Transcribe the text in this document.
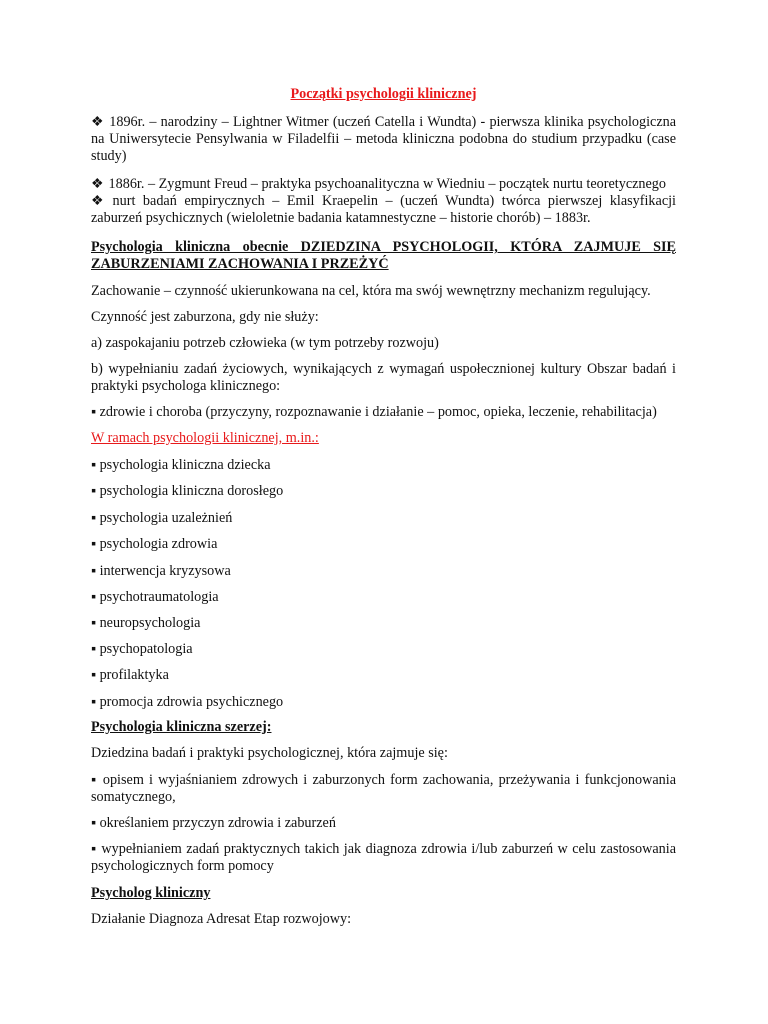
Początki psychologii klinicznej
❖ 1896r. – narodziny – Lightner Witmer (uczeń Catella i Wundta) - pierwsza klinika psychologiczna na Uniwersytecie Pensylwania w Filadelfii – metoda kliniczna podobna do studium przypadku (case study)
❖ 1886r. – Zygmunt Freud – praktyka psychoanalityczna w Wiedniu – początek nurtu teoretycznego
❖ nurt badań empirycznych – Emil Kraepelin – (uczeń Wundta) twórca pierwszej klasyfikacji zaburzeń psychicznych (wieloletnie badania katamnestyczne – historie chorób) – 1883r.
Psychologia kliniczna obecnie DZIEDZINA PSYCHOLOGII, KTÓRA ZAJMUJE SIĘ ZABURZENIAMI ZACHOWANIA I PRZEŻYĆ
Zachowanie – czynność ukierunkowana na cel, która ma swój wewnętrzny mechanizm regulujący.
Czynność jest zaburzona, gdy nie służy:
a) zaspokajaniu potrzeb człowieka (w tym potrzeby rozwoju)
b) wypełnianiu zadań życiowych, wynikających z wymagań uspołecznionej kultury Obszar badań i praktyki psychologa klinicznego:
▪ zdrowie i choroba (przyczyny, rozpoznawanie i działanie – pomoc, opieka, leczenie, rehabilitacja)
W ramach psychologii klinicznej, m.in.:
▪ psychologia kliniczna dziecka
▪ psychologia kliniczna dorosłego
▪ psychologia uzależnień
▪ psychologia zdrowia
▪ interwencja kryzysowa
▪ psychotraumatologia
▪ neuropsychologia
▪ psychopatologia
▪ profilaktyka
▪ promocja zdrowia psychicznego
Psychologia kliniczna szerzej:
Dziedzina badań i praktyki psychologicznej, która zajmuje się:
▪ opisem i wyjaśnianiem zdrowych i zaburzonych form zachowania, przeżywania i funkcjonowania somatycznego,
▪ określaniem przyczyn zdrowia i zaburzeń
▪ wypełnianiem zadań praktycznych takich jak diagnoza zdrowia i/lub zaburzeń w celu zastosowania psychologicznych form pomocy
Psycholog kliniczny
Działanie Diagnoza Adresat Etap rozwojowy:
